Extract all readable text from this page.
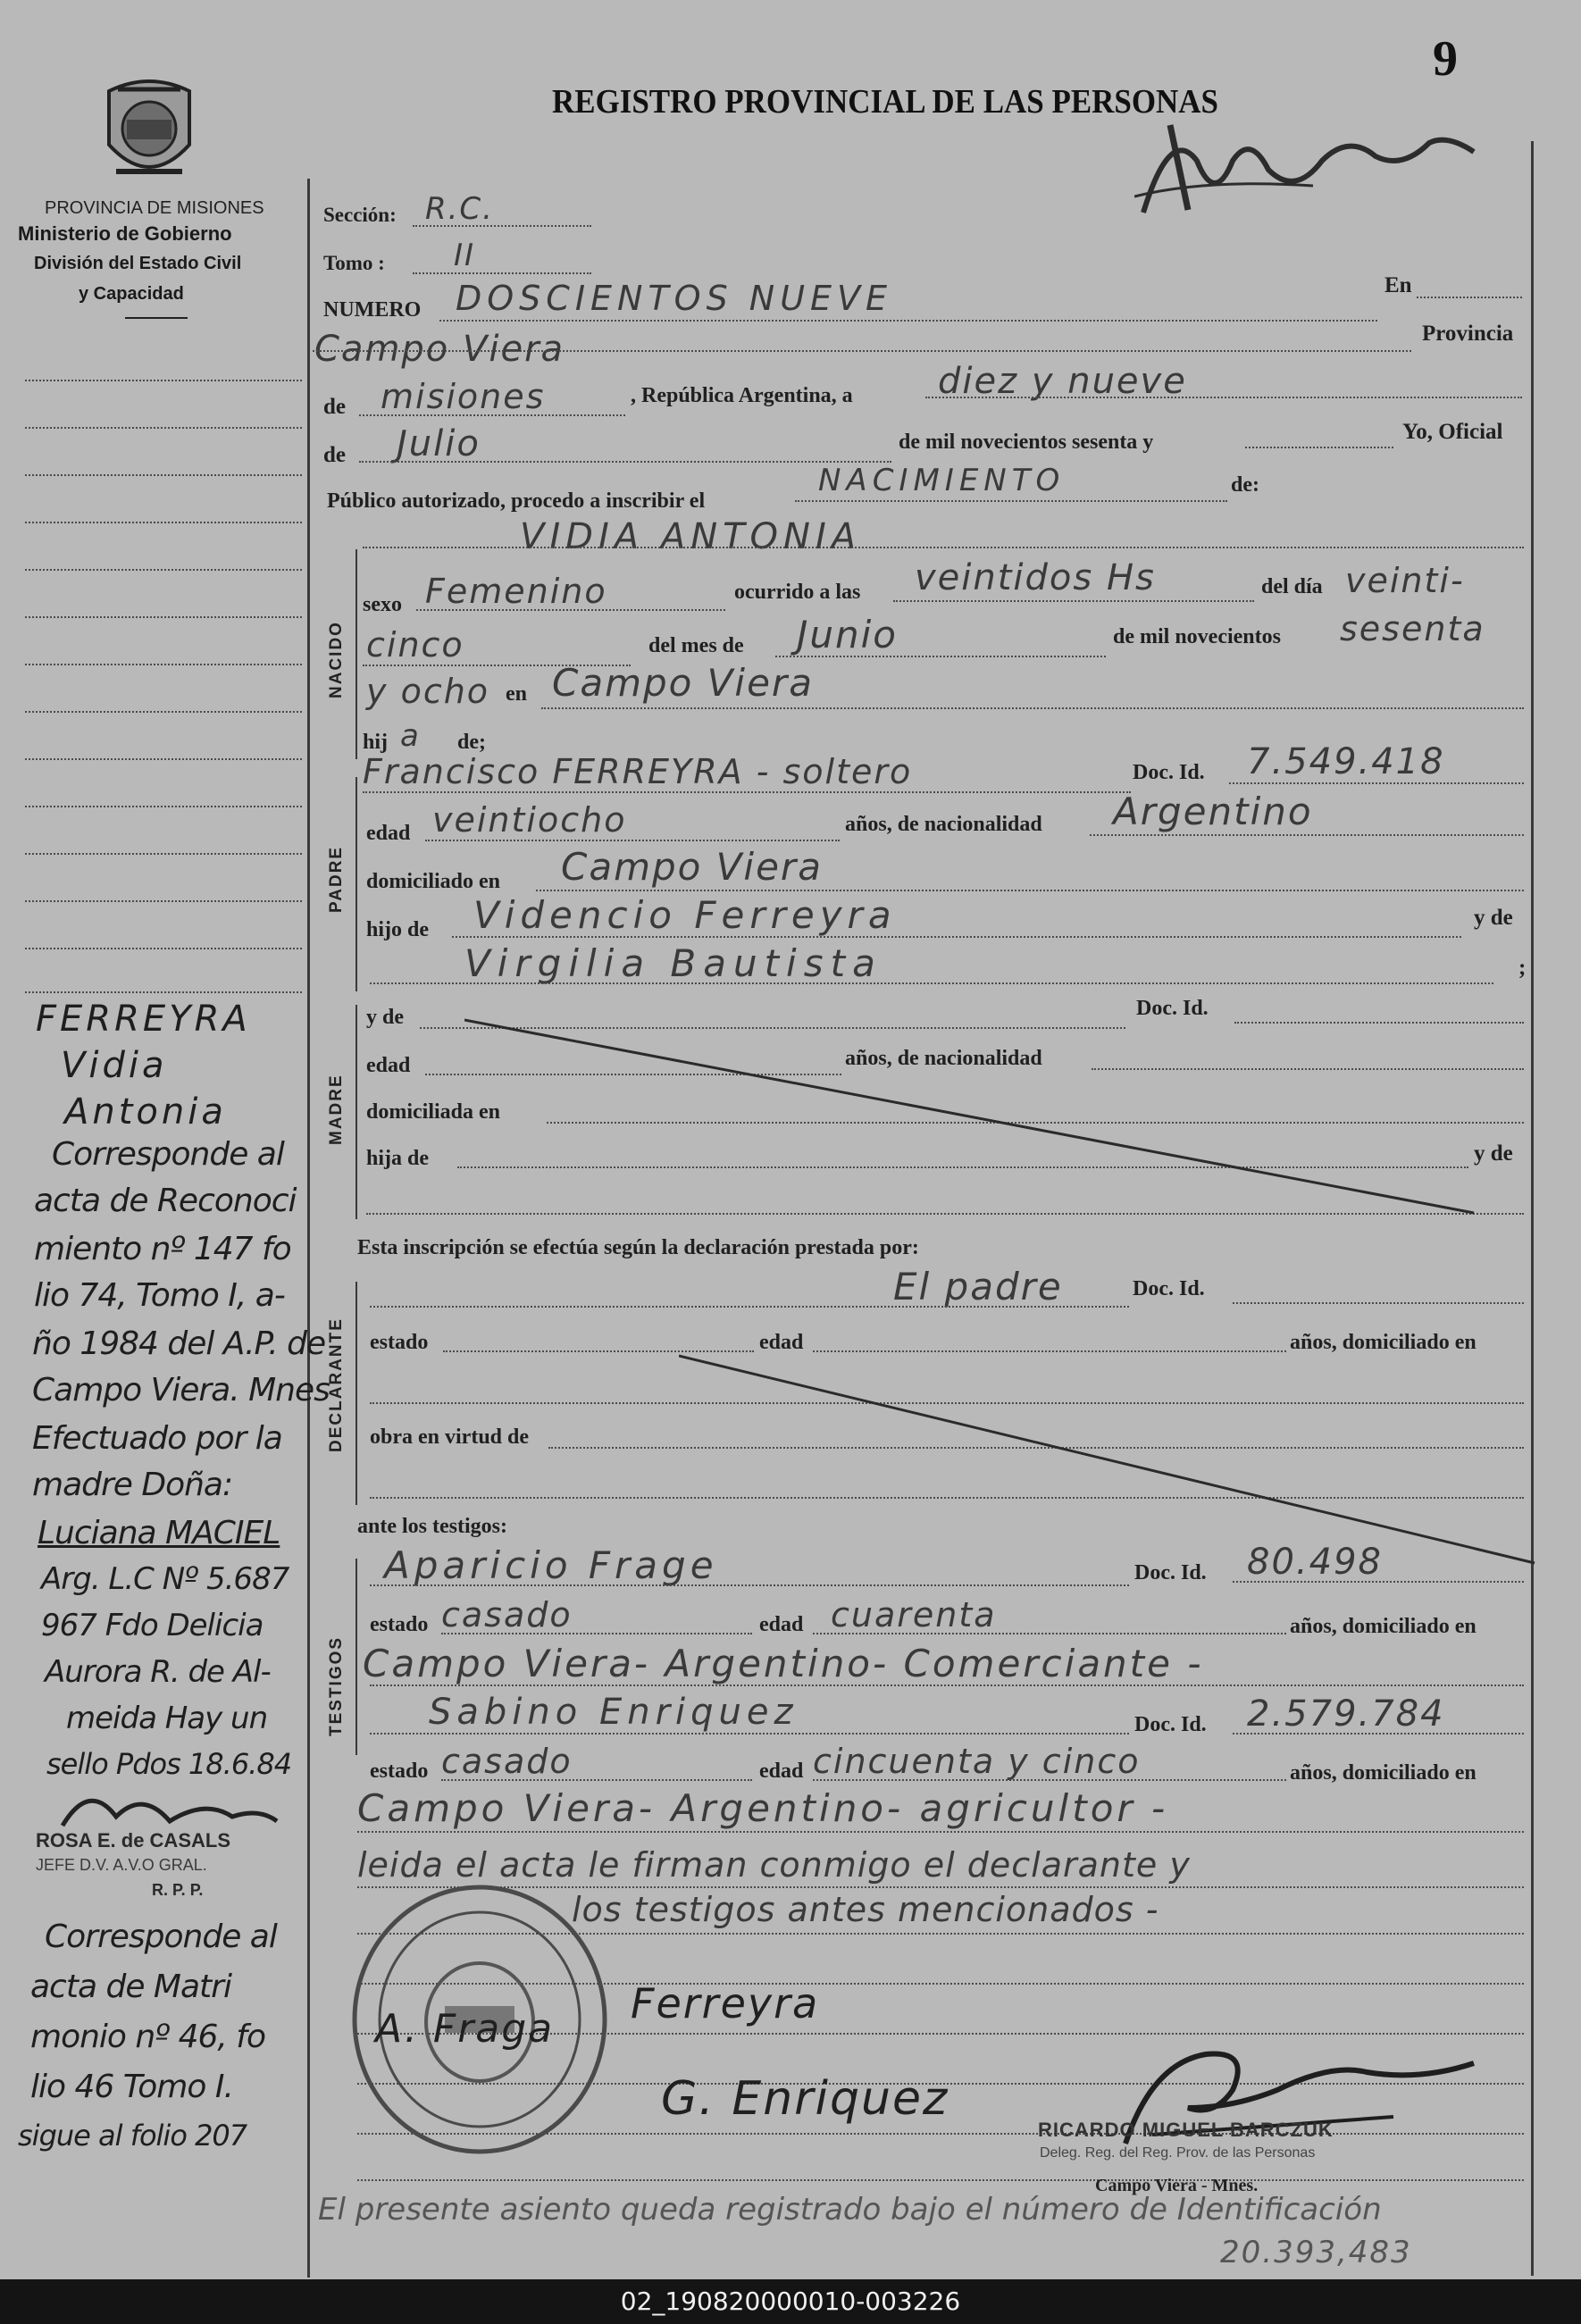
PROVINCIA DE MISIONES
Ministerio de Gobierno
División del Estado Civil
y Capacidad
REGISTRO PROVINCIAL DE LAS PERSONAS
9
NACIDO
PADRE
MADRE
DECLARANTE
TESTIGOS
Sección: R.C.
Tomo : II
NUMERO DOSCIENTOS NUEVE	En
Campo Viera	Provincia
de misiones	, República Argentina, a diez y nueve
de Julio	de mil novecientos sesenta y	Yo, Oficial
Público autorizado, procedo a inscribir el
NACIMIENTO	de:
VIDIA ANTONIA
sexo Femenino	ocurrido a las veintidos Hs	del día veinti-
cinco	del mes de Junio	de mil novecientos sesenta
y ocho en Campo Viera
hij a de;
Francisco FERREYRA - soltero	Doc. Id. 7.549.418
edad veintiocho	años, de nacionalidad Argentino
domiciliado en Campo Viera
hijo de Videncio Ferreyra	y de
Virgilia Bautista	;
y de	Doc. Id.
edad	años, de nacionalidad
domiciliada en
hija de	y de
Esta inscripción se efectúa según la declaración prestada por:
El padre	Doc. Id.
estado	edad	años, domiciliado en
obra en virtud de
ante los testigos:
Aparicio Frage	Doc. Id. 80.498
estado casado	edad cuarenta	años, domiciliado en
Campo Viera- Argentino- Comerciante -
Sabino Enriquez	Doc. Id. 2.579.784
estado casado	edad cincuenta y cinco	años, domiciliado en
Campo Viera- Argentino- agricultor -
leida el acta le firman conmigo el declarante y
los testigos antes mencionados -
Ferreyra
A. Fraga
G. Enriquez
RICARDO MIGUEL BARCZUK
Deleg. Reg. del Reg. Prov. de las Personas
Campo Viera - Mnes.
El presente asiento queda registrado bajo el número de Identificación
20.393,483
FERREYRA
Vidia
Antonia
Corresponde al
acta de Reconoci
miento nº 147 fo
lio 74, Tomo I, a-
ño 1984 del A.P. de
Campo Viera. Mnes
Efectuado por la
madre Doña:
Luciana MACIEL
Arg. L.C Nº 5.687
967 Fdo Delicia
Aurora R. de Al-
meida Hay un
sello Pdos 18.6.84
ROSA E. de CASALS
JEFE D.V. A.V.O GRAL.
R. P. P.
Corresponde al
acta de Matri
monio nº 46, fo
lio 46 Tomo I.
sigue al folio 207
02_190820000010-003226
